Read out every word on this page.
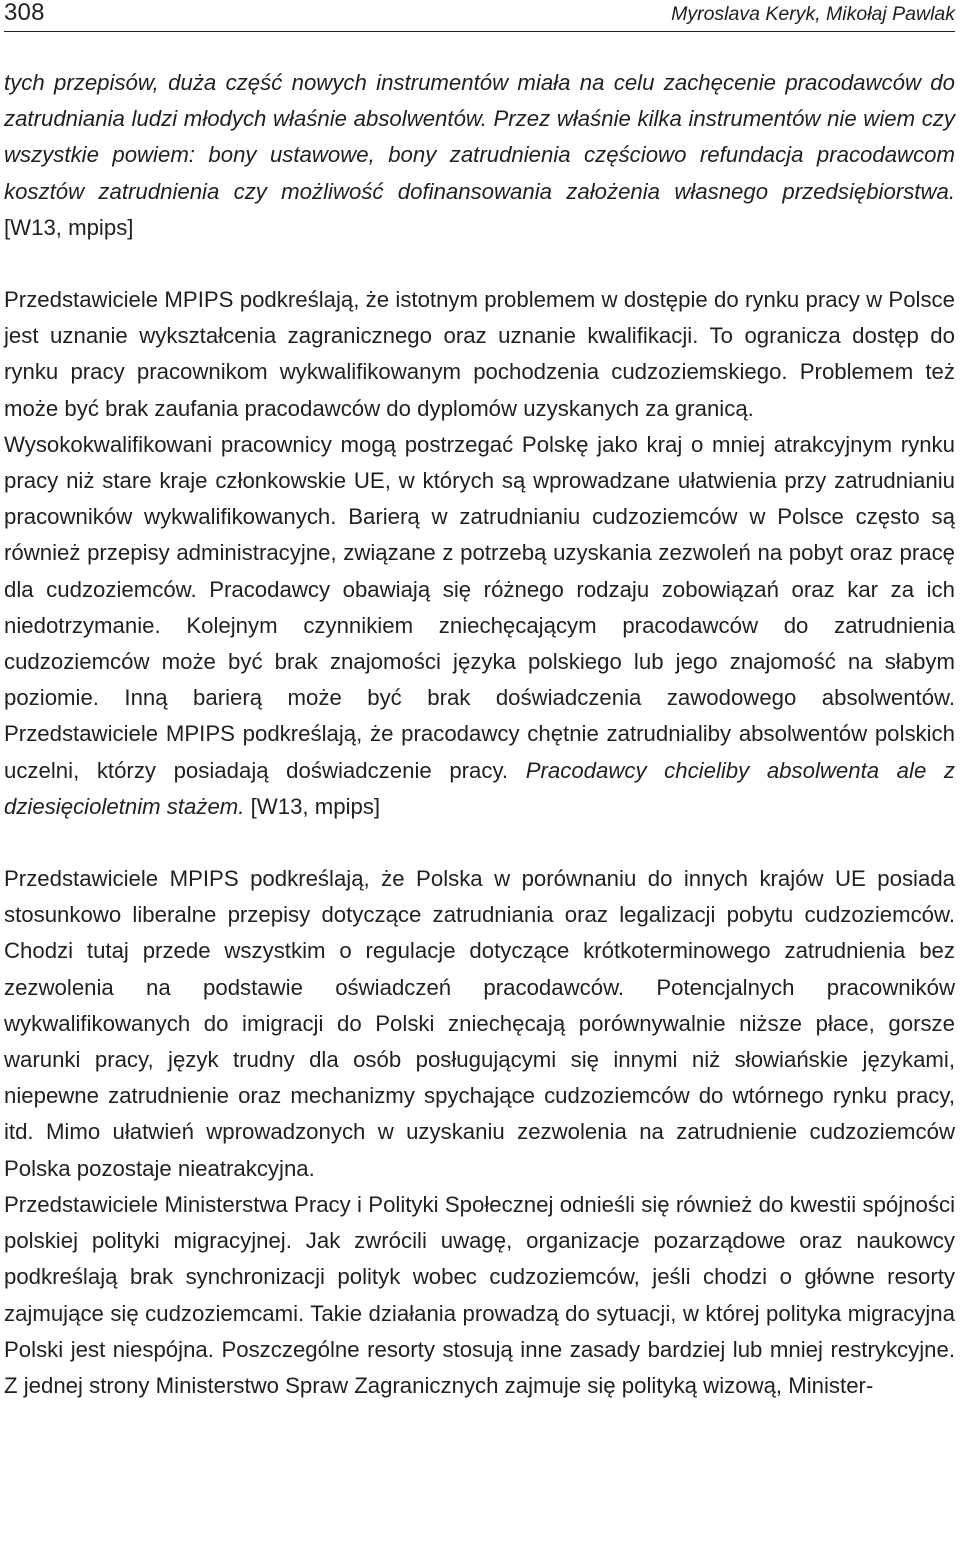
308	Myroslava Keryk, Mikołaj Pawlak

tych przepisów, duża część nowych instrumentów miała na celu zachęcenie pracodawców do zatrudniania ludzi młodych właśnie absolwentów. Przez właśnie kilka instrumentów nie wiem czy wszystkie powiem: bony ustawowe, bony zatrudnienia częściowo refundacja pracodawcom kosztów zatrudnienia czy możliwość dofinansowania założenia własnego przedsiębiorstwa. [W13, mpips]

Przedstawiciele MPIPS podkreślają, że istotnym problemem w dostępie do rynku pracy w Polsce jest uznanie wykształcenia zagranicznego oraz uznanie kwalifikacji. To ogranicza dostęp do rynku pracy pracownikom wykwalifikowanym pochodzenia cudzoziemskiego. Problemem też może być brak zaufania pracodawców do dyplomów uzyskanych za granicą.

Wysokokwalifikowani pracownicy mogą postrzegać Polskę jako kraj o mniej atrakcyjnym rynku pracy niż stare kraje członkowskie UE, w których są wprowadzane ułatwienia przy zatrudnianiu pracowników wykwalifikowanych. Barierą w zatrudnianiu cudzoziemców w Polsce często są również przepisy administracyjne, związane z potrzebą uzyskania zezwoleń na pobyt oraz pracę dla cudzoziemców. Pracodawcy obawiają się różnego rodzaju zobowiązań oraz kar za ich niedotrzymanie. Kolejnym czynnikiem zniechęcającym pracodawców do zatrudnienia cudzoziemców może być brak znajomości języka polskiego lub jego znajomość na słabym poziomie. Inną barierą może być brak doświadczenia zawodowego absolwentów. Przedstawiciele MPIPS podkreślają, że pracodawcy chętnie zatrudnialiby absolwentów polskich uczelni, którzy posiadają doświadczenie pracy. Pracodawcy chcieliby absolwenta ale z dziesięcioletnim stażem. [W13, mpips]

Przedstawiciele MPIPS podkreślają, że Polska w porównaniu do innych krajów UE posiada stosunkowo liberalne przepisy dotyczące zatrudniania oraz legalizacji pobytu cudzoziemców. Chodzi tutaj przede wszystkim o regulacje dotyczące krótkoterminowego zatrudnienia bez zezwolenia na podstawie oświadczeń pracodawców. Potencjalnych pracowników wykwalifikowanych do imigracji do Polski zniechęcają porównywalnie niższe płace, gorsze warunki pracy, język trudny dla osób posługującymi się innymi niż słowiańskie językami, niepewne zatrudnienie oraz mechanizmy spychające cudzoziemców do wtórnego rynku pracy, itd. Mimo ułatwień wprowadzonych w uzyskaniu zezwolenia na zatrudnienie cudzoziemców Polska pozostaje nieatrakcyjna.

Przedstawiciele Ministerstwa Pracy i Polityki Społecznej odnieśli się również do kwestii spójności polskiej polityki migracyjnej. Jak zwrócili uwagę, organizacje pozarządowe oraz naukowcy podkreślają brak synchronizacji polityk wobec cudzoziemców, jeśli chodzi o główne resorty zajmujące się cudzoziemcami. Takie działania prowadzą do sytuacji, w której polityka migracyjna Polski jest niespójna. Poszczególne resorty stosują inne zasady bardziej lub mniej restrykcyjne. Z jednej strony Ministerstwo Spraw Zagranicznych zajmuje się polityką wizową, Minister-
